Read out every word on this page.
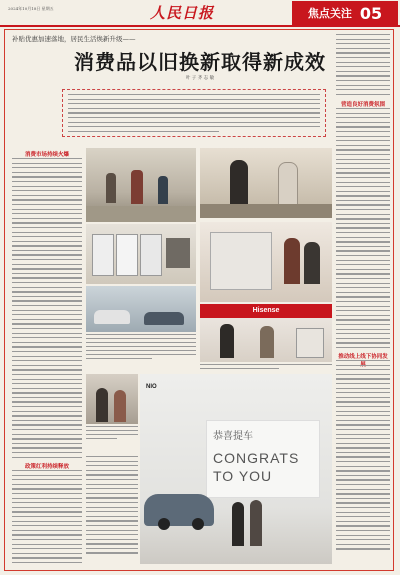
2024年10月18日 星期五	人民日报	焦点关注 05
补贴优惠加速落地，居民生活焕新升级——
消费品以旧换新取得新成效
叶 子 齐 志 敏
消费市场持续火爆
政策红利持续释放
Hisense
NIO
恭喜提车
CONGRATS
TO YOU
营造良好消费氛围
推动线上线下协同发
